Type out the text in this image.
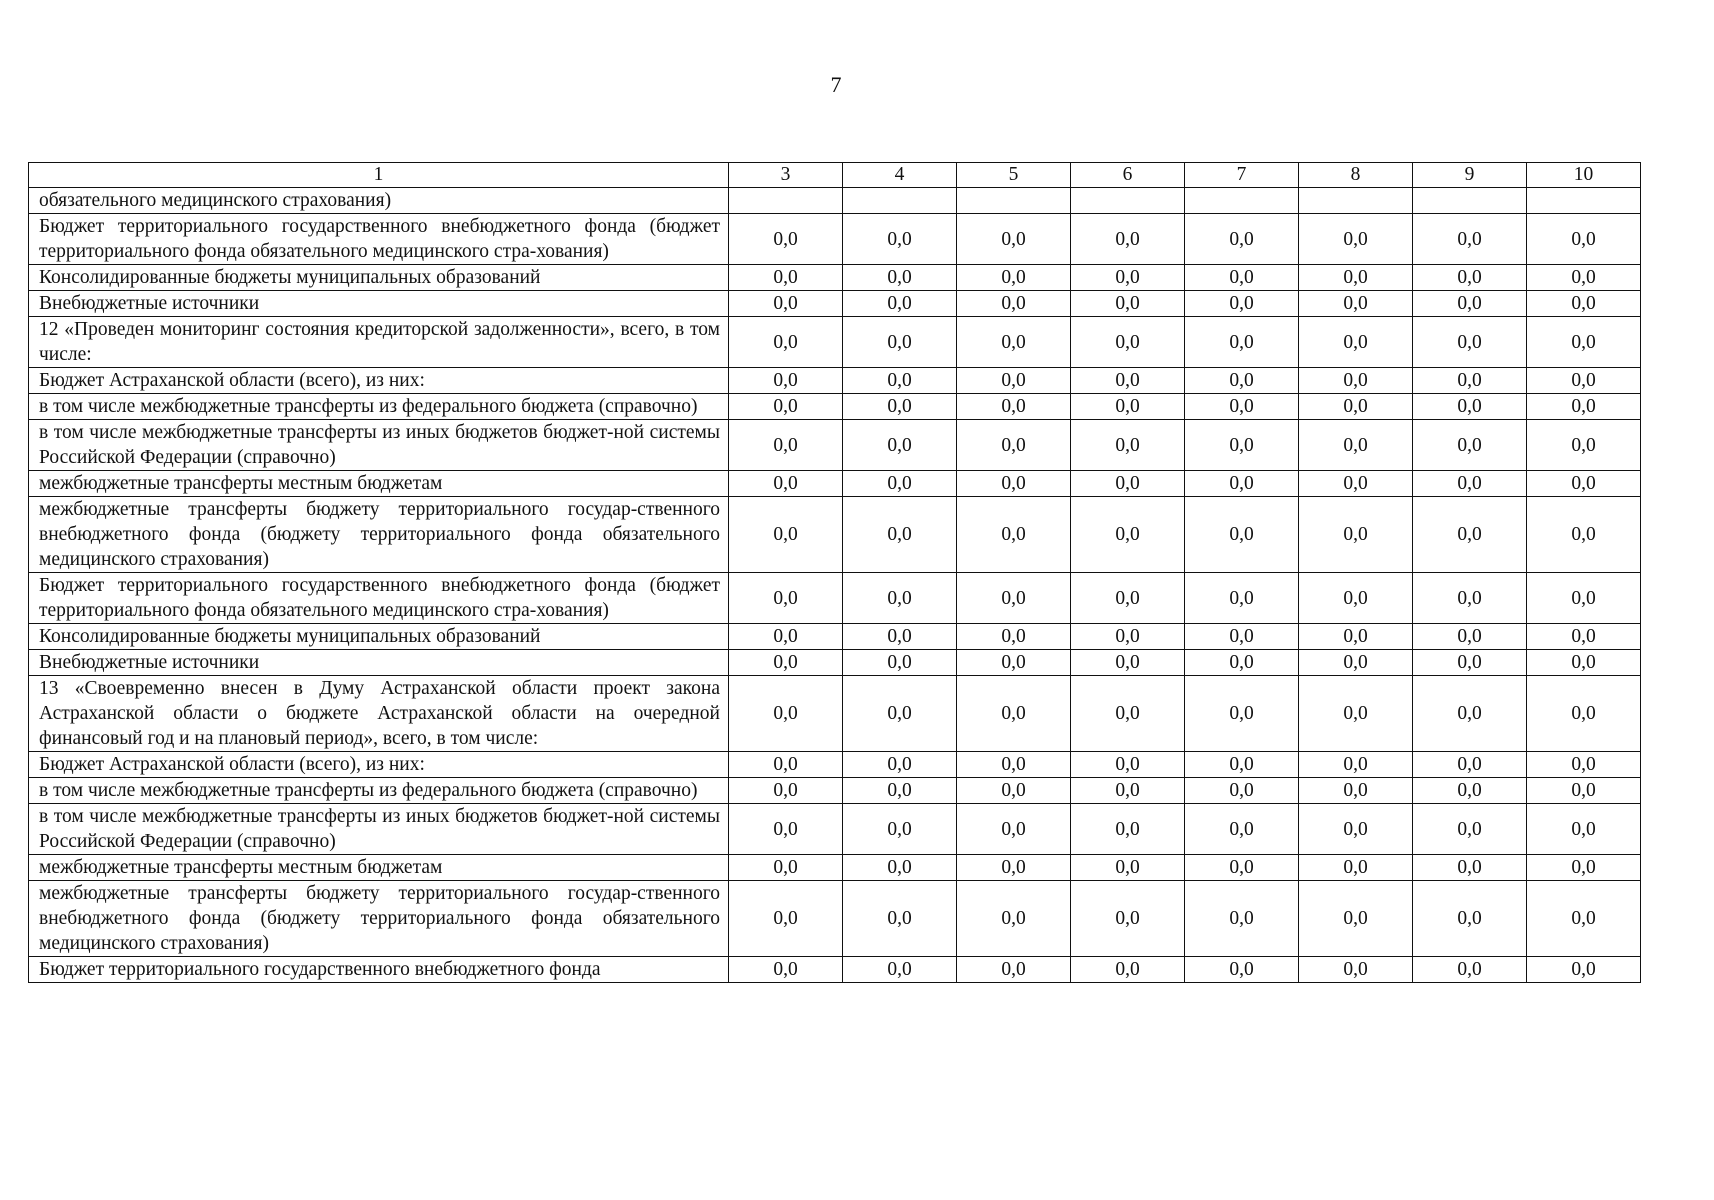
7
1	3	4	5	6	7	8	9	10
обязательного медицинского страхования)								
Бюджет территориального государственного внебюджетного фонда (бюджет территориального фонда обязательного медицинского стра-хования)	0,0	0,0	0,0	0,0	0,0	0,0	0,0	0,0
Консолидированные бюджеты муниципальных образований	0,0	0,0	0,0	0,0	0,0	0,0	0,0	0,0
Внебюджетные источники	0,0	0,0	0,0	0,0	0,0	0,0	0,0	0,0
12 «Проведен мониторинг состояния кредиторской задолженности», всего, в том числе:	0,0	0,0	0,0	0,0	0,0	0,0	0,0	0,0
Бюджет Астраханской области (всего), из них:	0,0	0,0	0,0	0,0	0,0	0,0	0,0	0,0
в том числе межбюджетные трансферты из федерального бюджета (справочно)	0,0	0,0	0,0	0,0	0,0	0,0	0,0	0,0
в том числе межбюджетные трансферты из иных бюджетов бюджет-ной системы Российской Федерации (справочно)	0,0	0,0	0,0	0,0	0,0	0,0	0,0	0,0
межбюджетные трансферты местным бюджетам	0,0	0,0	0,0	0,0	0,0	0,0	0,0	0,0
межбюджетные трансферты бюджету территориального государ-ственного внебюджетного фонда (бюджету территориального фонда обязательного медицинского страхования)	0,0	0,0	0,0	0,0	0,0	0,0	0,0	0,0
Бюджет территориального государственного внебюджетного фонда (бюджет территориального фонда обязательного медицинского стра-хования)	0,0	0,0	0,0	0,0	0,0	0,0	0,0	0,0
Консолидированные бюджеты муниципальных образований	0,0	0,0	0,0	0,0	0,0	0,0	0,0	0,0
Внебюджетные источники	0,0	0,0	0,0	0,0	0,0	0,0	0,0	0,0
13 «Своевременно внесен в Думу Астраханской области проект закона Астраханской области о бюджете Астраханской области на очередной финансовый год и на плановый период», всего, в том числе:	0,0	0,0	0,0	0,0	0,0	0,0	0,0	0,0
Бюджет Астраханской области (всего), из них:	0,0	0,0	0,0	0,0	0,0	0,0	0,0	0,0
в том числе межбюджетные трансферты из федерального бюджета (справочно)	0,0	0,0	0,0	0,0	0,0	0,0	0,0	0,0
в том числе межбюджетные трансферты из иных бюджетов бюджет-ной системы Российской Федерации (справочно)	0,0	0,0	0,0	0,0	0,0	0,0	0,0	0,0
межбюджетные трансферты местным бюджетам	0,0	0,0	0,0	0,0	0,0	0,0	0,0	0,0
межбюджетные трансферты бюджету территориального государ-ственного внебюджетного фонда (бюджету территориального фонда обязательного медицинского страхования)	0,0	0,0	0,0	0,0	0,0	0,0	0,0	0,0
Бюджет территориального государственного внебюджетного фонда	0,0	0,0	0,0	0,0	0,0	0,0	0,0	0,0
